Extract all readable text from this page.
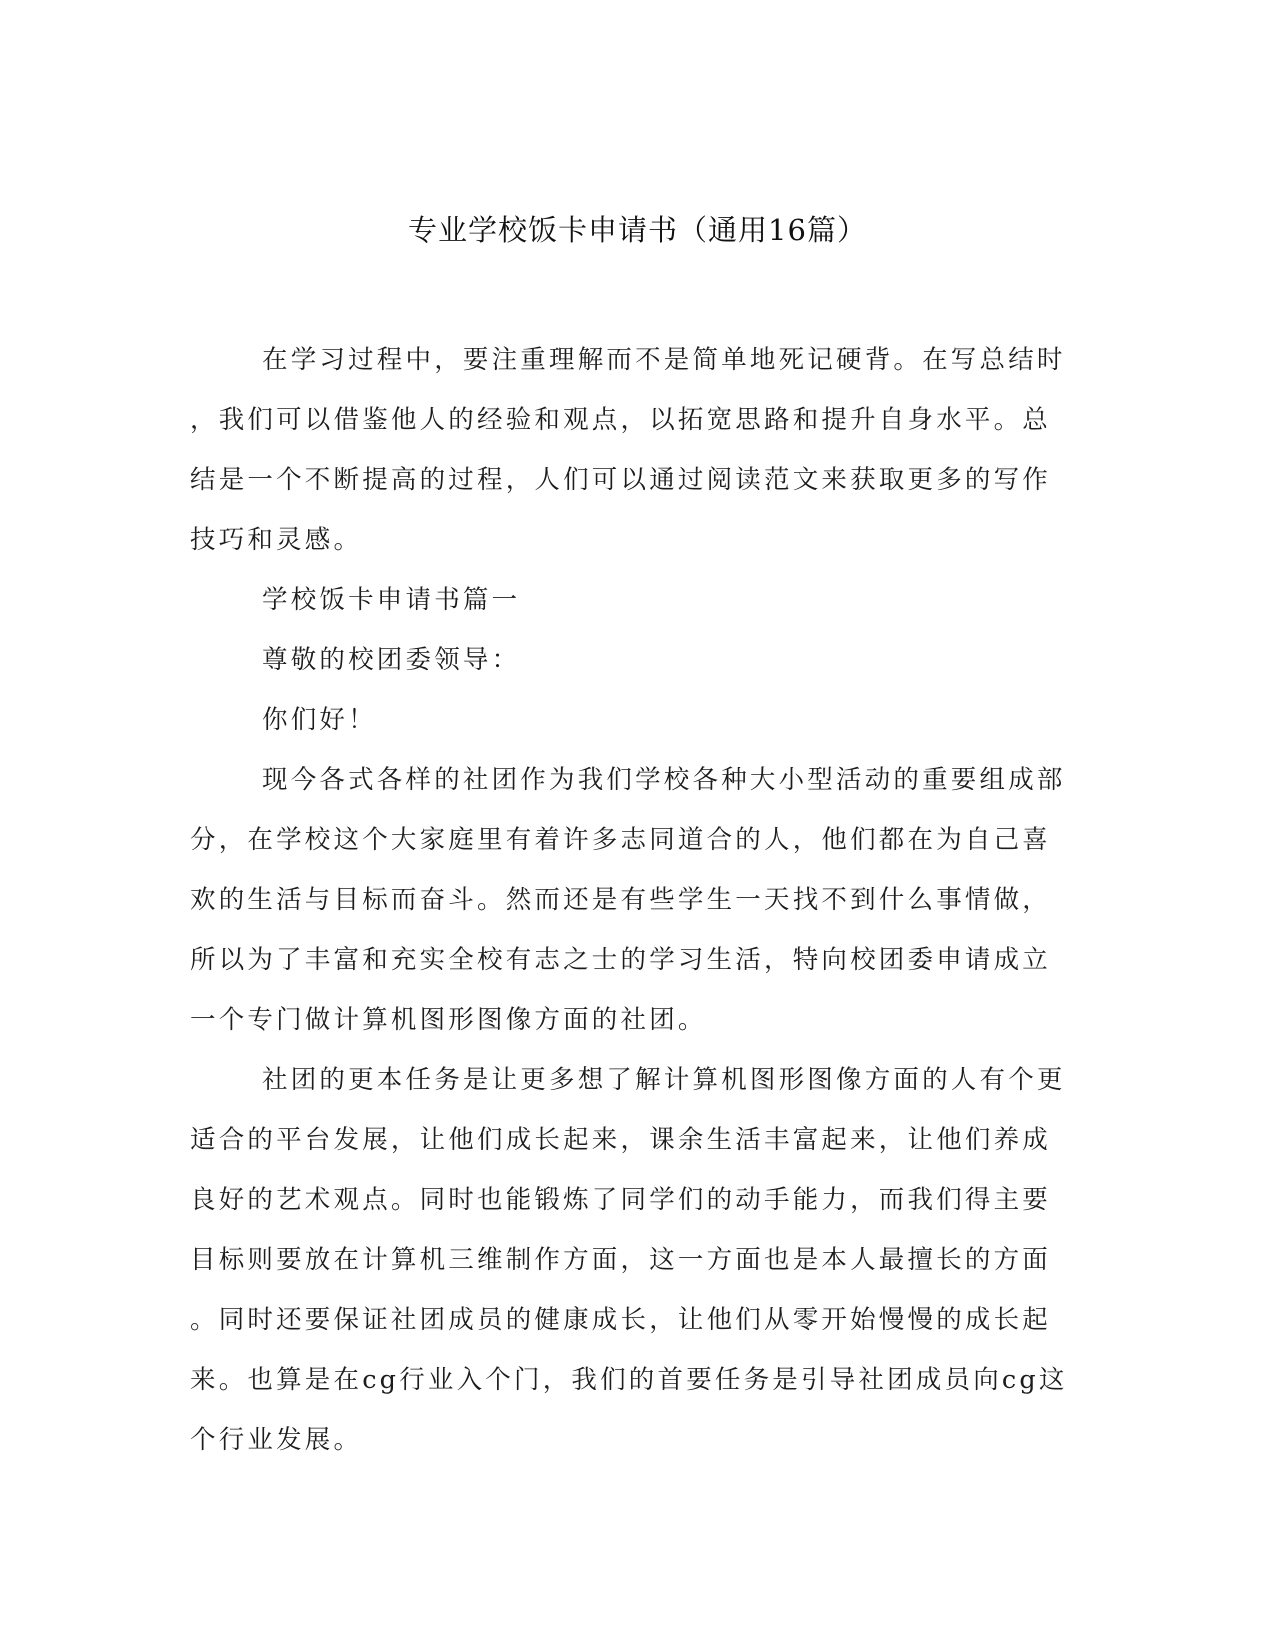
专业学校饭卡申请书（通用16篇）
在学习过程中，要注重理解而不是简单地死记硬背。在写总结时
，我们可以借鉴他人的经验和观点，以拓宽思路和提升自身水平。总
结是一个不断提高的过程，人们可以通过阅读范文来获取更多的写作
技巧和灵感。
学校饭卡申请书篇一
尊敬的校团委领导：
你们好！
现今各式各样的社团作为我们学校各种大小型活动的重要组成部
分，在学校这个大家庭里有着许多志同道合的人，他们都在为自己喜
欢的生活与目标而奋斗。然而还是有些学生一天找不到什么事情做，
所以为了丰富和充实全校有志之士的学习生活，特向校团委申请成立
一个专门做计算机图形图像方面的社团。
社团的更本任务是让更多想了解计算机图形图像方面的人有个更
适合的平台发展，让他们成长起来，课余生活丰富起来，让他们养成
良好的艺术观点。同时也能锻炼了同学们的动手能力，而我们得主要
目标则要放在计算机三维制作方面，这一方面也是本人最擅长的方面
。同时还要保证社团成员的健康成长，让他们从零开始慢慢的成长起
来。也算是在cg行业入个门，我们的首要任务是引导社团成员向cg这
个行业发展。
